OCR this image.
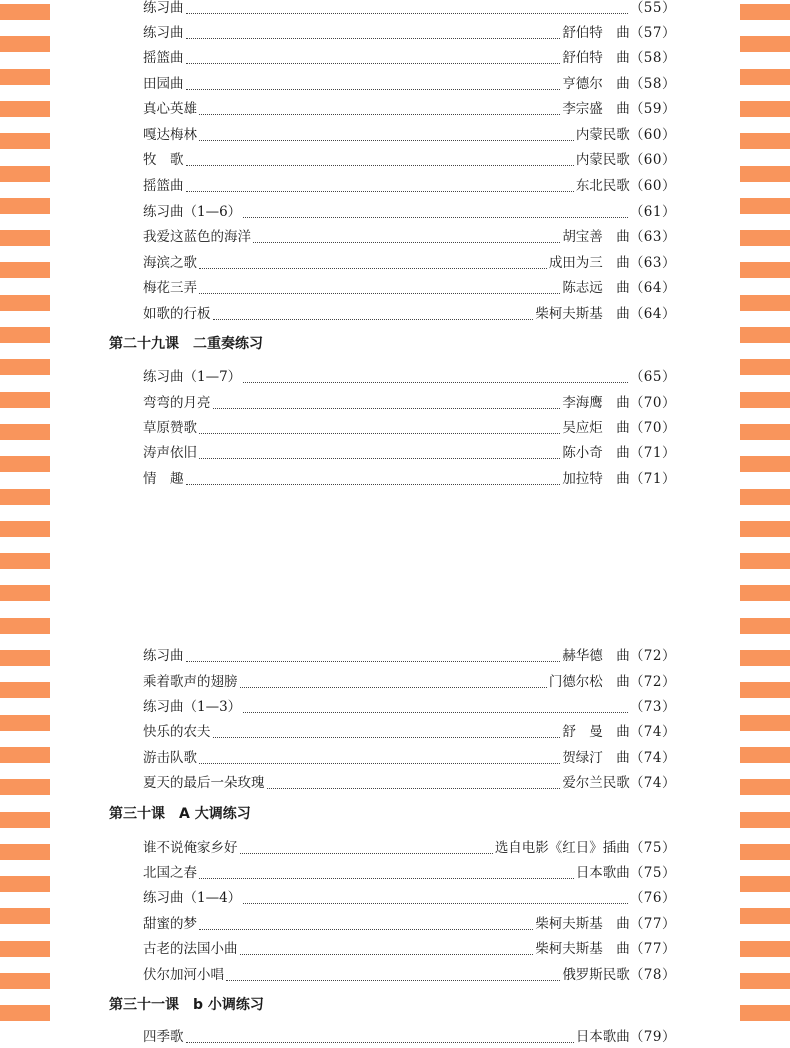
练习曲	（55）
练习曲	舒伯特　曲 （57）
摇篮曲	舒伯特　曲 （58）
田园曲	亨德尔　曲 （58）
真心英雄	李宗盛　曲 （59）
嘎达梅林	内蒙民歌 （60）
牧　歌	内蒙民歌 （60）
摇篮曲	东北民歌 （60）
练习曲（1—6）	（61）
我爱这蓝色的海洋	胡宝善　曲 （63）
海滨之歌	成田为三　曲 （63）
梅花三弄	陈志远　曲 （64）
如歌的行板	柴柯夫斯基　曲 （64）
第二十九课　二重奏练习
练习曲（1—7）	（65）
弯弯的月亮	李海鹰　曲 （70）
草原赞歌	吴应炬　曲 （70）
涛声依旧	陈小奇　曲 （71）
情　趣	加拉特　曲 （71）
练习曲	赫华德　曲 （72）
乘着歌声的翅膀	门德尔松　曲 （72）
练习曲（1—3）	（73）
快乐的农夫	舒　曼　曲 （74）
游击队歌	贺绿汀　曲 （74）
夏天的最后一朵玫瑰	爱尔兰民歌 （74）
第三十课　A 大调练习
谁不说俺家乡好	选自电影《红日》插曲 （75）
北国之春	日本歌曲 （75）
练习曲（1—4）	（76）
甜蜜的梦	柴柯夫斯基　曲 （77）
古老的法国小曲	柴柯夫斯基　曲 （77）
伏尔加河小唱	俄罗斯民歌 （78）
第三十一课　b 小调练习
四季歌	日本歌曲 （79）
